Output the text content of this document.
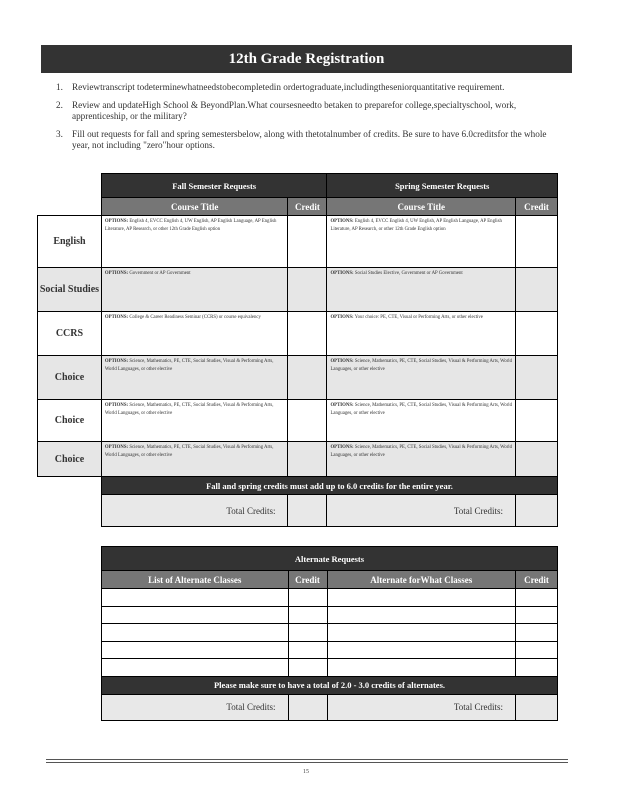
12th Grade Registration
1. Reviewtranscript todeterminewhatneedstobecompletedin ordertograduate,includingtheseniorquantitative requirement.
2. Review and updateHigh School & BeyondPlan.What coursesneedto betaken to preparefor college,specialtyschool, work, apprenticeship, or the military?
3. Fill out requests for fall and spring semestersbelow, along with thetotalnumber of credits. Be sure to have 6.0creditsfor the whole year, not including "zero"hour options.
	Fall Semester Requests		Spring Semester Requests	
	Course Title	Credit	Course Title	Credit
English	OPTIONS: English 4, EVCC English 4, UW English, AP English Language, AP English Literature, AP Research, or other 12th Grade English option		OPTIONS: English 4, EVCC English 4, UW English, AP English Language, AP English Literature, AP Research, or other 12th Grade English option	
Social Studies	OPTIONS: Government or AP Government		OPTIONS: Social Studies Elective, Government or AP Government	
CCRS	OPTIONS: College & Career Readiness Seminar (CCRS) or course equivalency		OPTIONS: Your choice: PE, CTE, Visual or Performing Arts, or other elective	
Choice	OPTIONS: Science, Mathematics, PE, CTE, Social Studies, Visual & Performing Arts, World Languages, or other elective		OPTIONS: Science, Mathematics, PE, CTE, Social Studies, Visual & Performing Arts, World Languages, or other elective	
Choice	OPTIONS: Science, Mathematics, PE, CTE, Social Studies, Visual & Performing Arts, World Languages, or other elective		OPTIONS: Science, Mathematics, PE, CTE, Social Studies, Visual & Performing Arts, World Languages, or other elective	
Choice	OPTIONS: Science, Mathematics, PE, CTE, Social Studies, Visual & Performing Arts, World Languages, or other elective		OPTIONS: Science, Mathematics, PE, CTE, Social Studies, Visual & Performing Arts, World Languages, or other elective	
	Fall and spring credits must add up to 6.0 credits for the entire year.			
	Total Credits:		Total Credits:	
Alternate Requests			
List of Alternate Classes	Credit	Alternate forWhat Classes	Credit

Please make sure to have a total of 2.0 - 3.0 credits of alternates.			
Total Credits:		Total Credits:	
15
